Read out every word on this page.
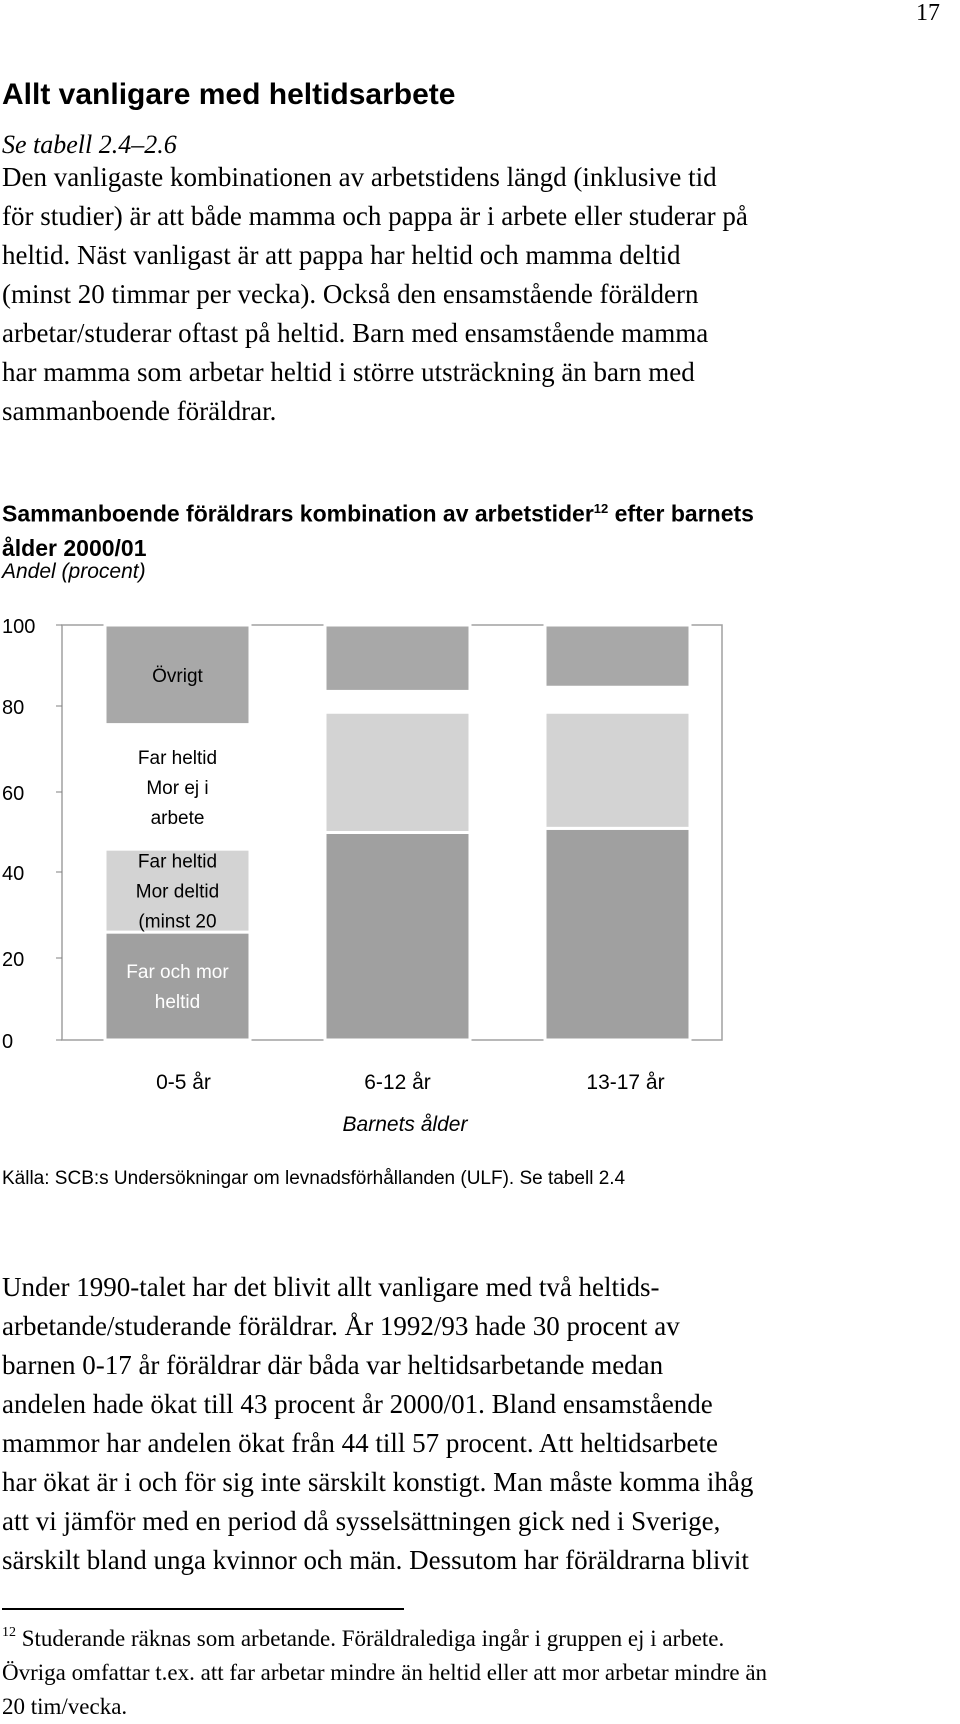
17
Allt vanligare med heltidsarbete
Se tabell 2.4–2.6
Den vanligaste kombinationen av arbetstidens längd (inklusive tid
för studier) är att både mamma och pappa är i arbete eller studerar på
heltid. Näst vanligast är att pappa har heltid och mamma deltid
(minst 20 timmar per vecka). Också den ensamstående föräldern
arbetar/studerar oftast på heltid. Barn med ensamstående mamma
har mamma som arbetar heltid i större utsträckning än barn med
sammanboende föräldrar.
Sammanboende föräldrars kombination av arbetstider$^{12}$ efter barnets
ålder 2000/01
Andel (procent)
100
80
60
40
20
0
Far och mor
heltid
Far heltid
Mor deltid
(minst 20
Far heltid
Mor ej i
arbete
Övrigt
0-5 år	6-12 år	13-17 år
Barnets ålder
Källa: SCB:s Undersökningar om levnadsförhållanden (ULF). Se tabell 2.4
Under 1990-talet har det blivit allt vanligare med två heltids-
arbetande/studerande föräldrar. År 1992/93 hade 30 procent av
barnen 0-17 år föräldrar där båda var heltidsarbetande medan
andelen hade ökat till 43 procent år 2000/01. Bland ensamstående
mammor har andelen ökat från 44 till 57 procent. Att heltidsarbete
har ökat är i och för sig inte särskilt konstigt. Man måste komma ihåg
att vi jämför med en period då sysselsättningen gick ned i Sverige,
särskilt bland unga kvinnor och män. Dessutom har föräldrarna blivit
$^{12}$ Studerande räknas som arbetande. Föräldralediga ingår i gruppen ej i arbete.
Övriga omfattar t.ex. att far arbetar mindre än heltid eller att mor arbetar mindre än
20 tim/vecka.
